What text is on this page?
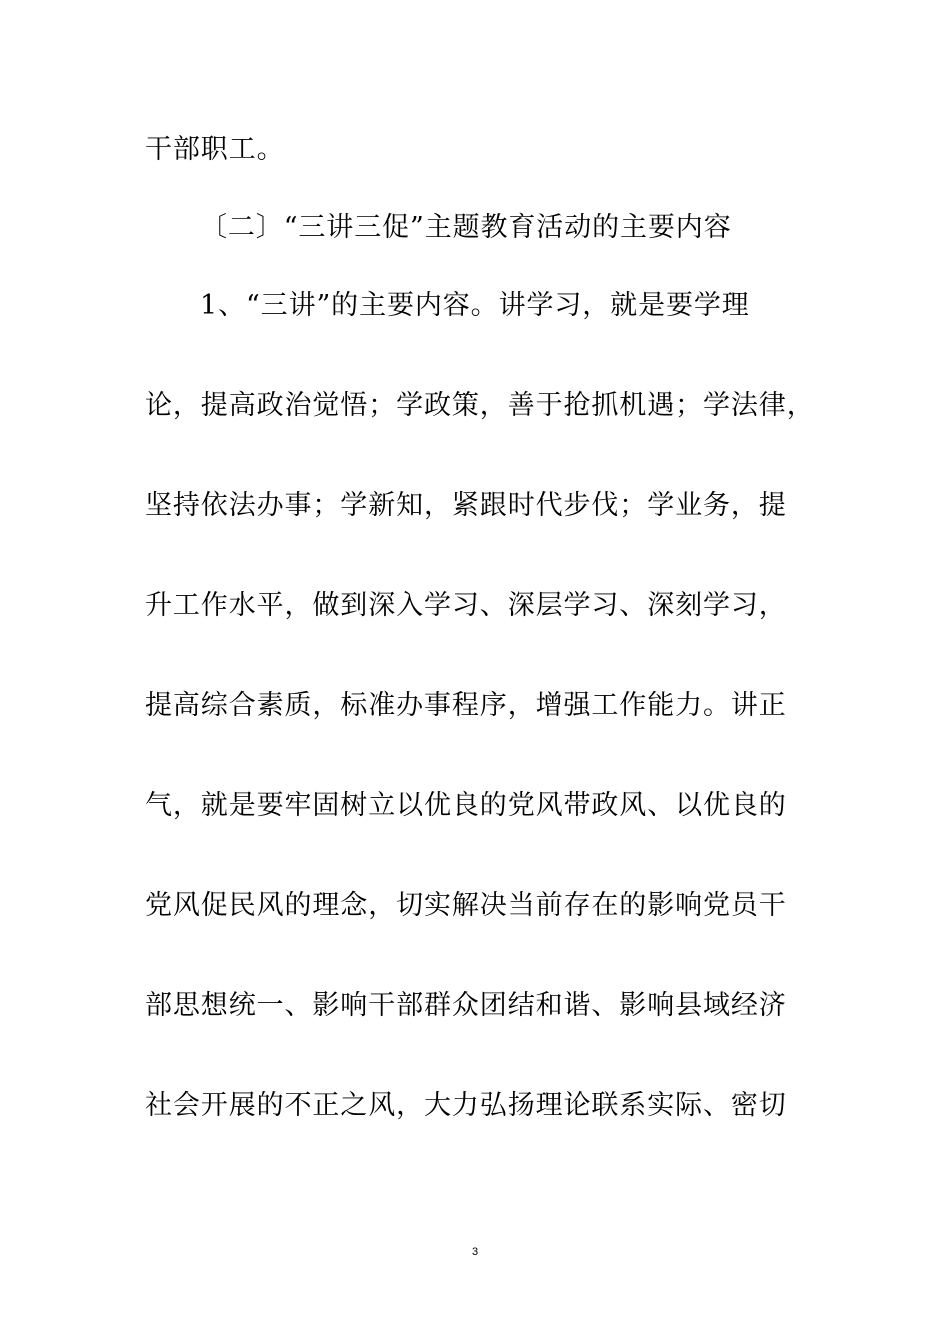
干部职工。
〔二〕“三讲三促”主题教育活动的主要内容
1、“三讲”的主要内容。讲学习，就是要学理
论，提高政治觉悟；学政策，善于抢抓机遇；学法律，
坚持依法办事；学新知，紧跟时代步伐；学业务，提
升工作水平，做到深入学习、深层学习、深刻学习，
提高综合素质，标准办事程序，增强工作能力。讲正
气，就是要牢固树立以优良的党风带政风、以优良的
党风促民风的理念，切实解决当前存在的影响党员干
部思想统一、影响干部群众团结和谐、影响县域经济
社会开展的不正之风，大力弘扬理论联系实际、密切
3
